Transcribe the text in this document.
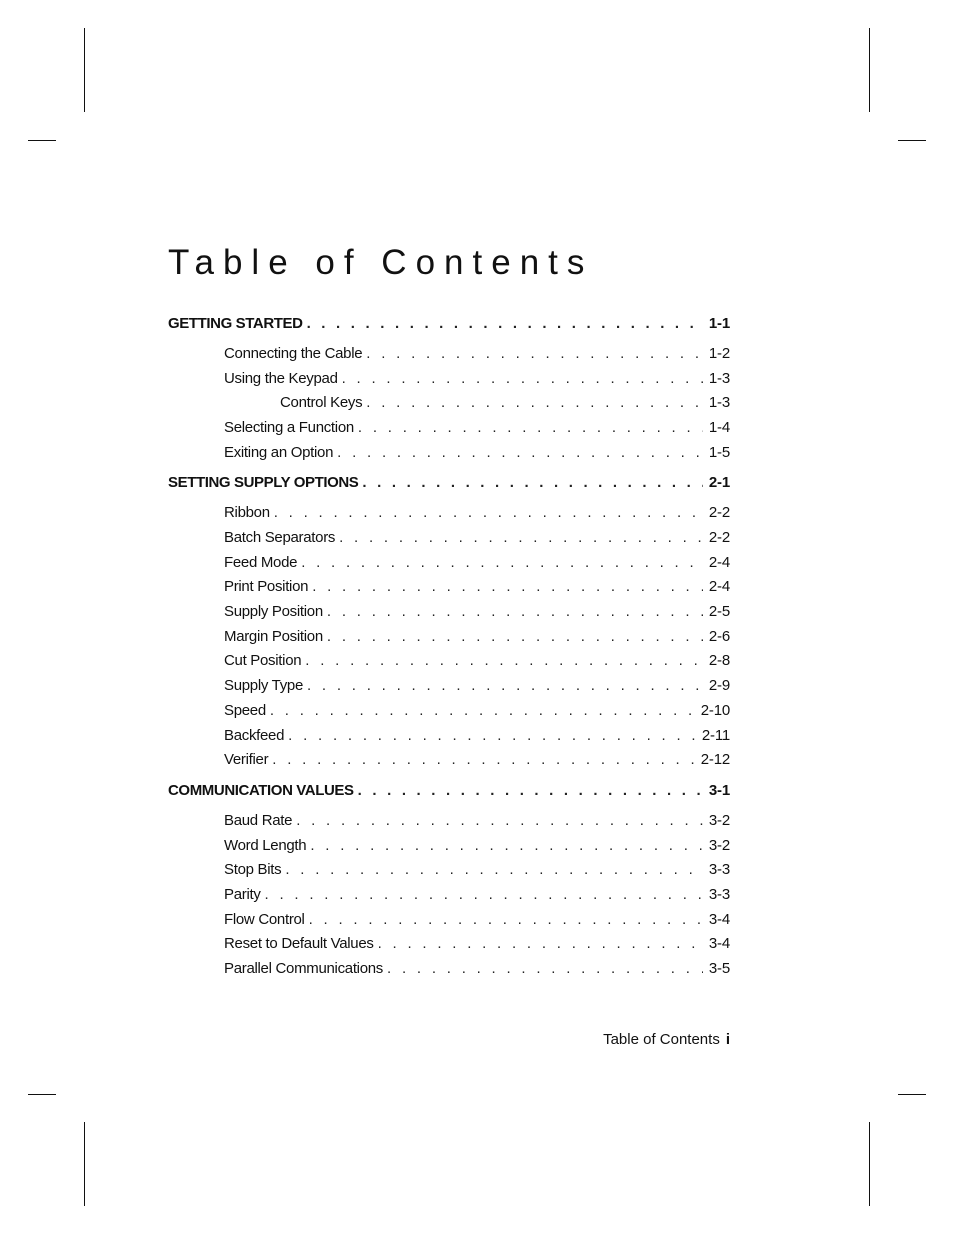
Table of Contents
GETTING STARTED . . .	1-1
Connecting the Cable . . .	1-2
Using the Keypad . . .	1-3
Control Keys . . .	1-3
Selecting a Function . . .	1-4
Exiting an Option . . .	1-5
SETTING SUPPLY OPTIONS . . .	2-1
Ribbon . . .	2-2
Batch Separators . . .	2-2
Feed Mode . . .	2-4
Print Position . . .	2-4
Supply Position . . .	2-5
Margin Position . . .	2-6
Cut Position . . .	2-8
Supply Type . . .	2-9
Speed . . .	2-10
Backfeed . . .	2-11
Verifier . . .	2-12
COMMUNICATION VALUES . . .	3-1
Baud Rate . . .	3-2
Word Length . . .	3-2
Stop Bits . . .	3-3
Parity . . .	3-3
Flow Control . . .	3-4
Reset to Default Values . . .	3-4
Parallel Communications . . .	3-5
Table of Contents i
